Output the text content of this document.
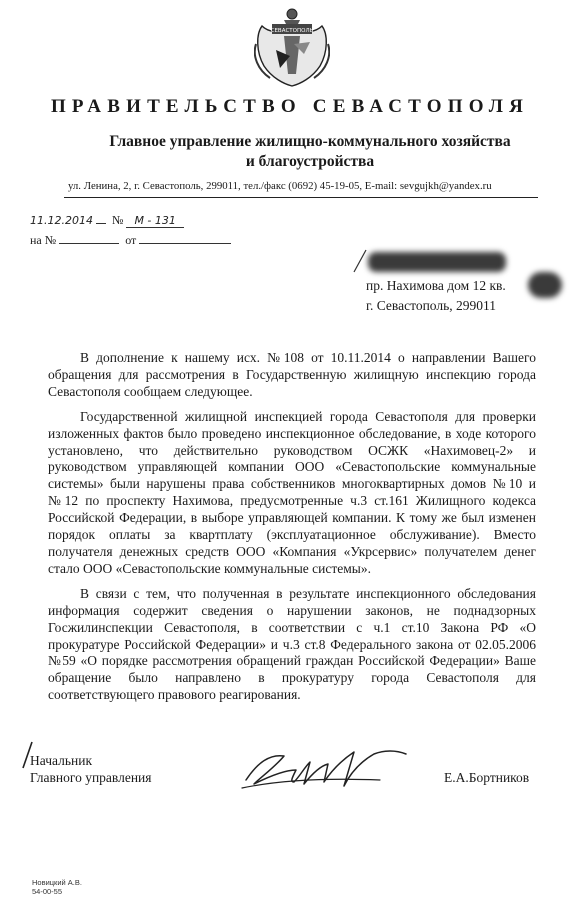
СЕВАСТОПОЛЬ
ПРАВИТЕЛЬСТВО СЕВАСТОПОЛЯ
Главное управление жилищно-коммунального хозяйства
и благоустройства
ул. Ленина, 2, г. Севастополь, 299011, тел./факс (0692) 45-19-05, E-mail: sevgujkh@yandex.ru
11.12.2014 № М - 131
на №	от
пр. Нахимова дом 12 кв.
г. Севастополь, 299011

В дополнение к нашему исх. №108 от 10.11.2014 о направлении Вашего обращения для рассмотрения в Государственную жилищную инспекцию города Севастополя сообщаем следующее.

Государственной жилищной инспекцией города Севастополя для проверки изложенных фактов было проведено инспекционное обследование, в ходе которого установлено, что действительно руководством ОСЖК «Нахимовец-2» и руководством управляющей компании ООО «Севастопольские коммунальные системы» были нарушены права собственников многоквартирных домов №10 и №12 по проспекту Нахимова, предусмотренные ч.3 ст.161 Жилищного кодекса Российской Федерации, в выборе управляющей компании. К тому же был изменен порядок оплаты за квартплату (эксплуатационное обслуживание). Вместо получателя денежных средств ООО «Компания «Укрсервис» получателем денег стало ООО «Севастопольские коммунальные системы».

В связи с тем, что полученная в результате инспекционного обследования информация содержит сведения о нарушении законов, не поднадзорных Госжилинспекции Севастополя, в соответствии с ч.1 ст.10 Закона РФ «О прокуратуре Российской Федерации» и ч.3 ст.8 Федерального закона от 02.05.2006 №59 «О порядке рассмотрения обращений граждан Российской Федерации» Ваше обращение было направлено в прокуратуру города Севастополя для соответствующего правового реагирования.

Начальник
Главного управления	Е.А.Бортников
Новицкий А.В.
54-00-55
